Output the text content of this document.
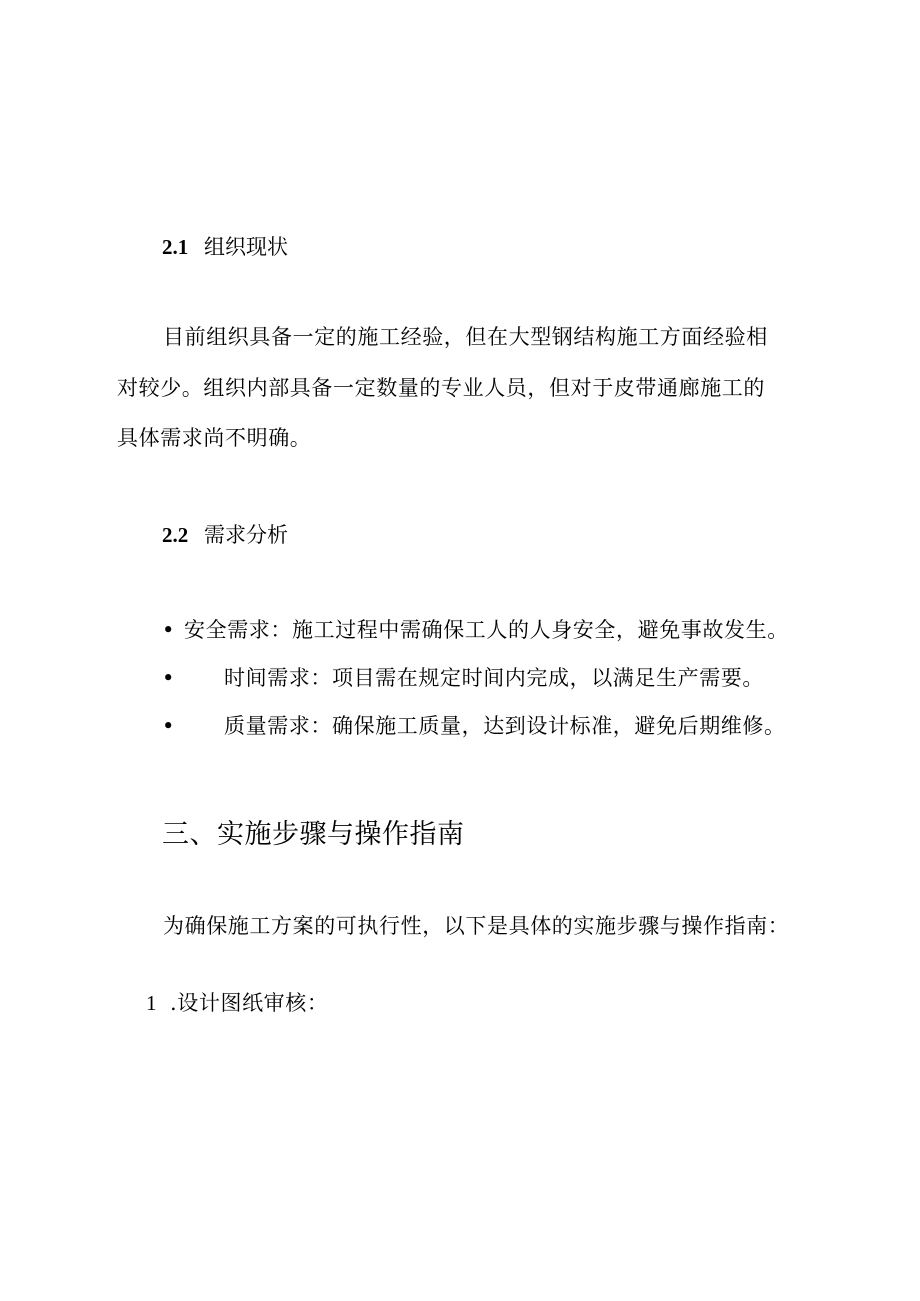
2.1 组织现状
目前组织具备一定的施工经验，但在大型钢结构施工方面经验相
对较少。组织内部具备一定数量的专业人员，但对于皮带通廊施工的
具体需求尚不明确。
2.2 需求分析
• 安全需求：施工过程中需确保工人的人身安全，避免事故发生。
• 时间需求：项目需在规定时间内完成，以满足生产需要。
• 质量需求：确保施工质量，达到设计标准，避免后期维修。
三、实施步骤与操作指南
为确保施工方案的可执行性，以下是具体的实施步骤与操作指南：
1 .设计图纸审核：
